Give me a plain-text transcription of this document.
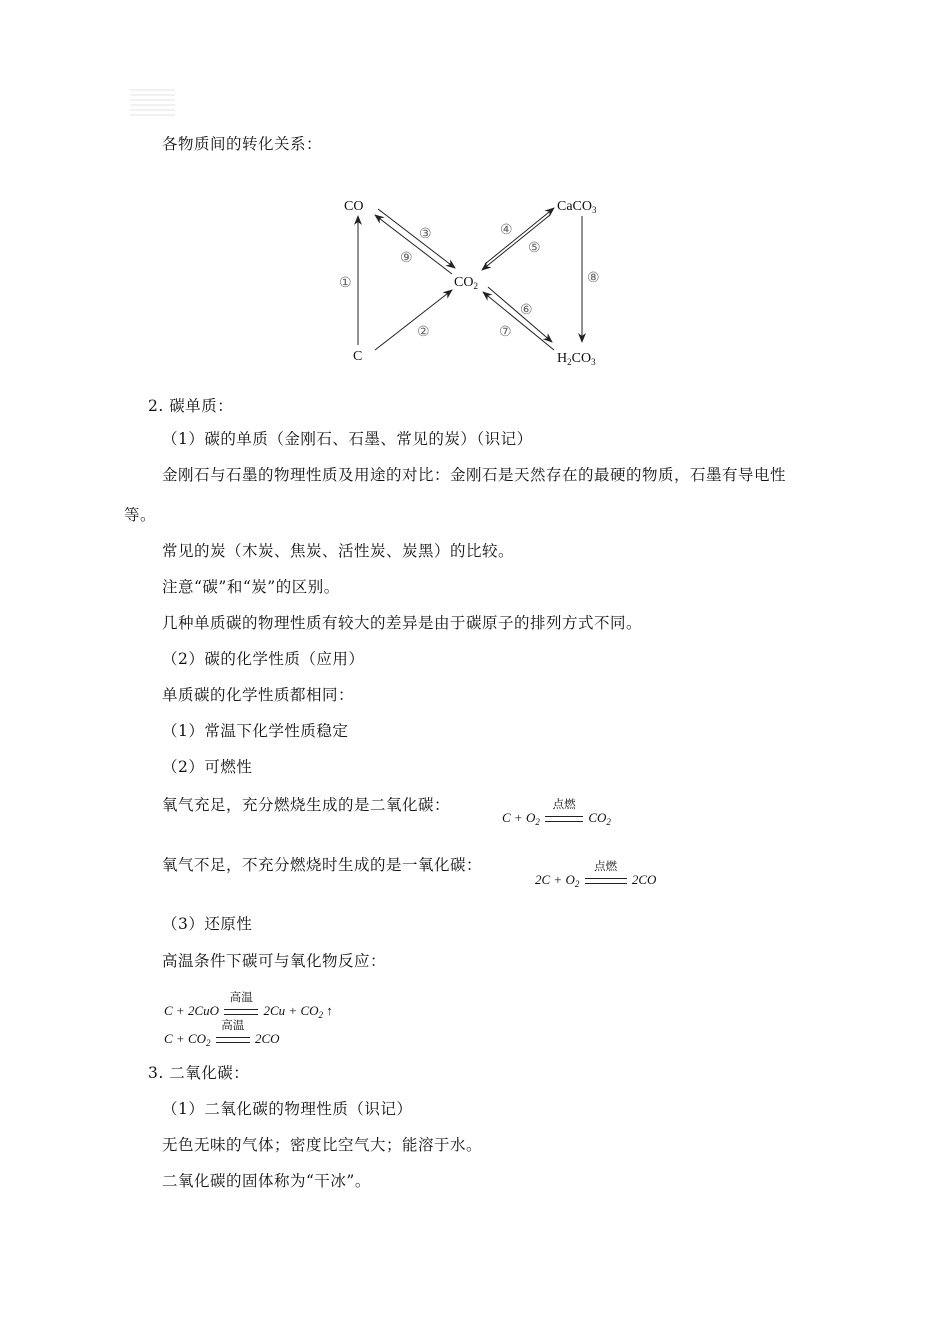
各物质间的转化关系：
CO
C
$CO_2$
CaCO$_3$
$H_2CO_3$
①
②
③
⑨
④
⑤
⑥
⑦
⑧
2. 碳单质：
（1）碳的单质（金刚石、石墨、常见的炭）（识记）
金刚石与石墨的物理性质及用途的对比：金刚石是天然存在的最硬的物质，石墨有导电性
等。
常见的炭（木炭、焦炭、活性炭、炭黑）的比较。
注意“碳”和“炭”的区别。
几种单质碳的物理性质有较大的差异是由于碳原子的排列方式不同。
（2）碳的化学性质（应用）
单质碳的化学性质都相同：
（1）常温下化学性质稳定
（2）可燃性
氧气充足，充分燃烧生成的是二氧化碳：
$C + O_2$
点燃
$CO_2$
氧气不足，不充分燃烧时生成的是一氧化碳：
$2C + O_2$
点燃
2CO
（3）还原性
高温条件下碳可与氧化物反应：
C + 2CuO
高温
$2Cu + CO_2$ ↑
$C + CO_2$
高温
2CO
3. 二氧化碳：
（1）二氧化碳的物理性质（识记）
无色无味的气体；密度比空气大；能溶于水。
二氧化碳的固体称为“干冰”。
